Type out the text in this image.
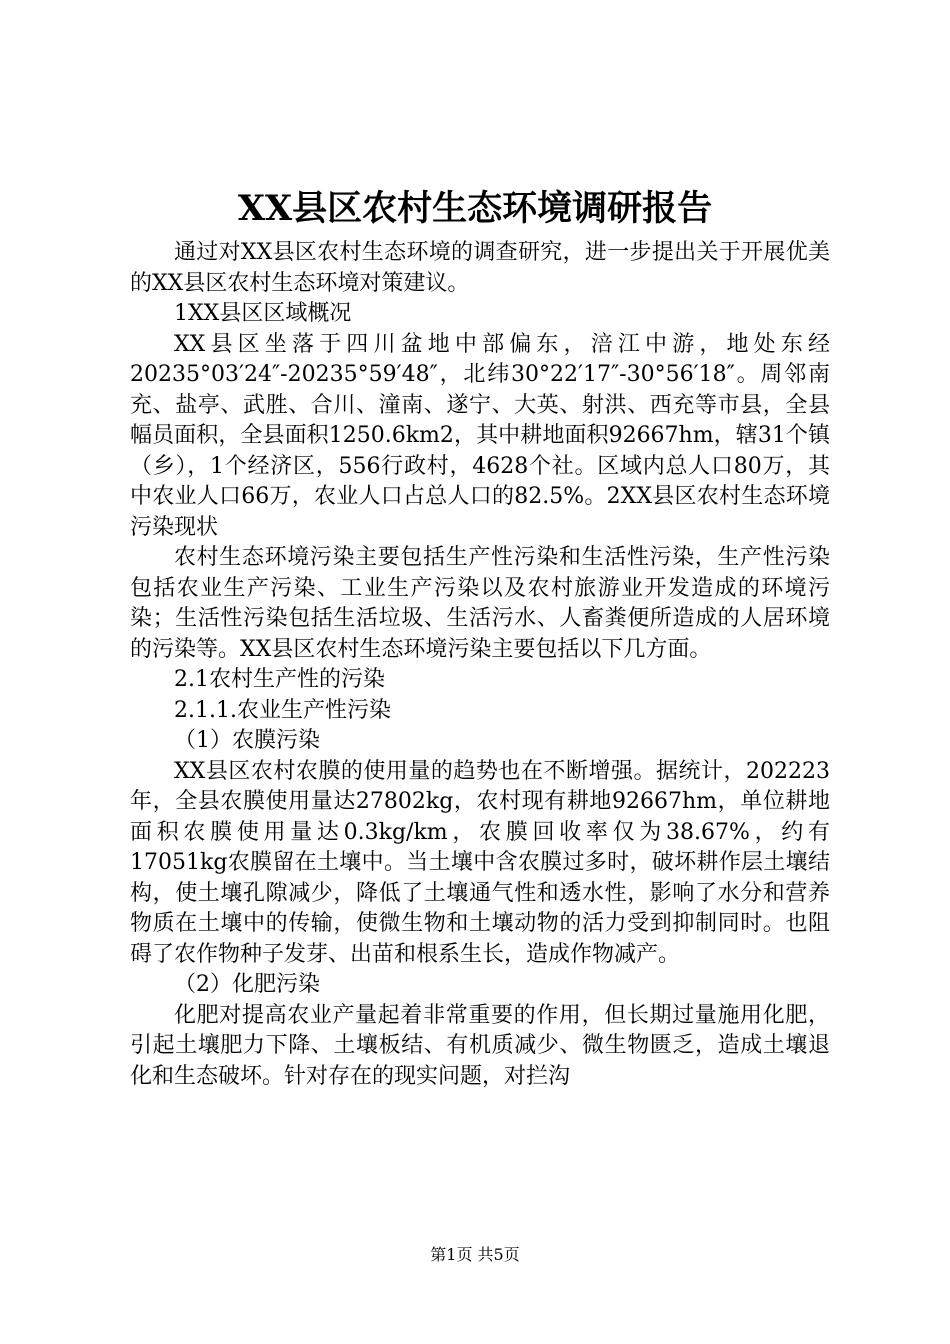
XX县区农村生态环境调研报告

通过对XX县区农村生态环境的调查研究，进一步提出关于开展优美的XX县区农村生态环境对策建议。

1XX县区区域概况

XX县区坐落于四川盆地中部偏东，涪江中游，地处东经20235°03′24″-20235°59′48″，北纬30°22′17″-30°56′18″。周邻南充、盐亭、武胜、合川、潼南、遂宁、大英、射洪、西充等市县，全县幅员面积，全县面积1250.6km2，其中耕地面积92667hm，辖31个镇（乡），1个经济区，556行政村，4628个社。区域内总人口80万，其中农业人口66万，农业人口占总人口的82.5%。2XX县区农村生态环境污染现状

农村生态环境污染主要包括生产性污染和生活性污染，生产性污染包括农业生产污染、工业生产污染以及农村旅游业开发造成的环境污染；生活性污染包括生活垃圾、生活污水、人畜粪便所造成的人居环境的污染等。XX县区农村生态环境污染主要包括以下几方面。

2.1农村生产性的污染

2.1.1.农业生产性污染

（1）农膜污染

XX县区农村农膜的使用量的趋势也在不断增强。据统计，202223年，全县农膜使用量达27802kg，农村现有耕地92667hm，单位耕地面积农膜使用量达0.3kg/km，农膜回收率仅为38.67%，约有17051kg农膜留在土壤中。当土壤中含农膜过多时，破坏耕作层土壤结构，使土壤孔隙减少，降低了土壤通气性和透水性，影响了水分和营养物质在土壤中的传输，使微生物和土壤动物的活力受到抑制同时。也阻碍了农作物种子发芽、出苗和根系生长，造成作物减产。

（2）化肥污染

化肥对提高农业产量起着非常重要的作用，但长期过量施用化肥，引起土壤肥力下降、土壤板结、有机质减少、微生物匮乏，造成土壤退化和生态破坏。针对存在的现实问题，对拦沟

第1页 共5页
